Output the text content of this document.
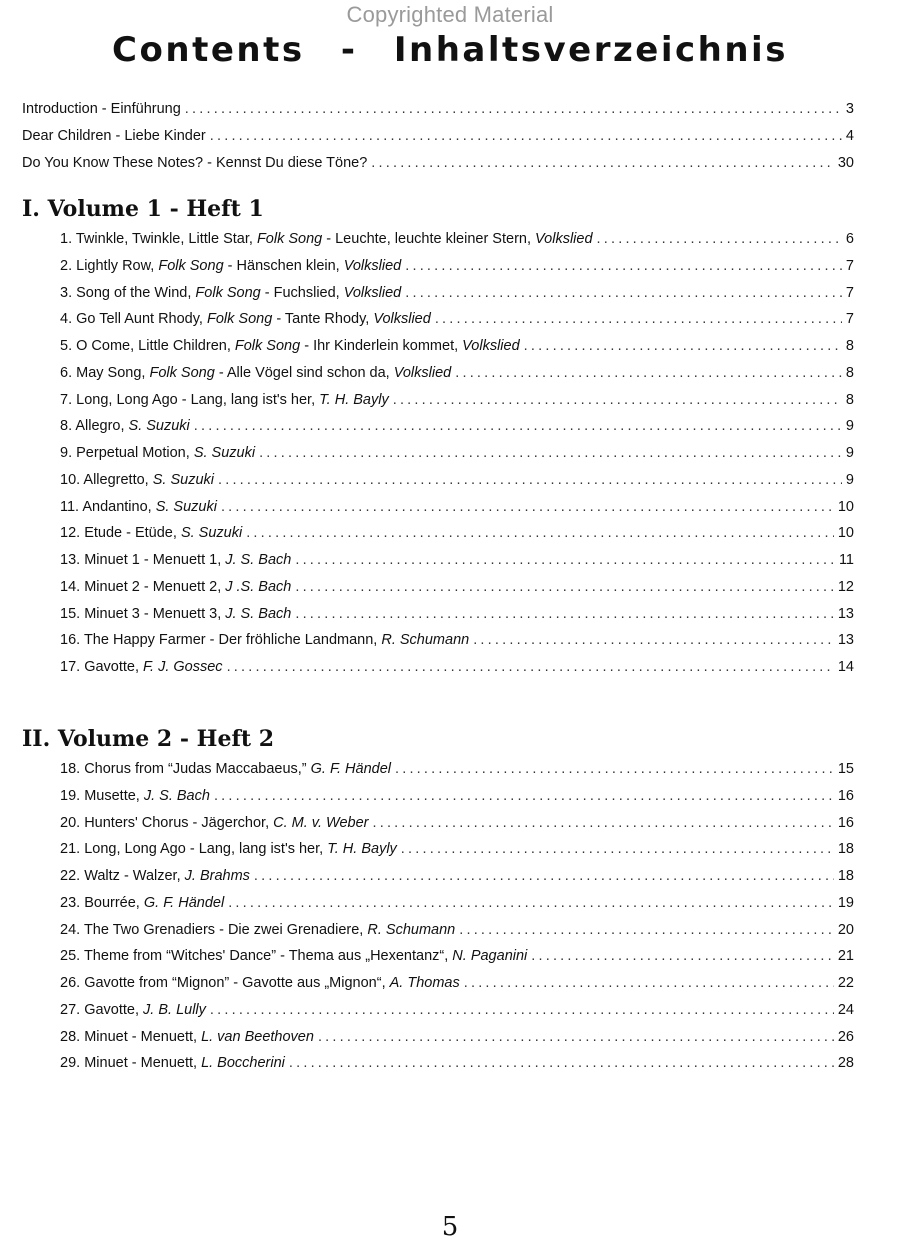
Copyrighted Material
Contents - Inhaltsverzeichnis
Introduction - Einführung .....	3
Dear Children - Liebe Kinder .....	4
Do You Know These Notes? - Kennst Du diese Töne? .....	30
I. Volume 1 - Heft 1
1. Twinkle, Twinkle, Little Star, Folk Song - Leuchte, leuchte kleiner Stern, Volkslied .....	6
2. Lightly Row, Folk Song - Hänschen klein, Volkslied .....	7
3. Song of the Wind, Folk Song - Fuchslied, Volkslied .....	7
4. Go Tell Aunt Rhody, Folk Song - Tante Rhody, Volkslied .....	7
5. O Come, Little Children, Folk Song - Ihr Kinderlein kommet, Volkslied .....	8
6. May Song, Folk Song - Alle Vögel sind schon da, Volkslied .....	8
7. Long, Long Ago - Lang, lang ist's her, T. H. Bayly .....	8
8. Allegro, S. Suzuki .....	9
9. Perpetual Motion, S. Suzuki .....	9
10. Allegretto, S. Suzuki .....	9
11. Andantino, S. Suzuki .....	10
12. Etude - Etüde, S. Suzuki .....	10
13. Minuet 1 - Menuett 1, J. S. Bach .....	11
14. Minuet 2 - Menuett 2, J .S. Bach .....	12
15. Minuet 3 - Menuett 3, J. S. Bach .....	13
16. The Happy Farmer - Der fröhliche Landmann, R. Schumann .....	13
17. Gavotte, F. J. Gossec .....	14
II. Volume 2 - Heft 2
18. Chorus from “Judas Maccabaeus,” G. F. Händel .....	15
19. Musette, J. S. Bach .....	16
20. Hunters' Chorus - Jägerchor, C. M. v. Weber .....	16
21. Long, Long Ago - Lang, lang ist's her, T. H. Bayly .....	18
22. Waltz - Walzer, J. Brahms .....	18
23. Bourrée, G. F. Händel .....	19
24. The Two Grenadiers - Die zwei Grenadiere, R. Schumann .....	20
25. Theme from “Witches' Dance” - Thema aus „Hexentanz“, N. Paganini .....	21
26. Gavotte from “Mignon” - Gavotte aus „Mignon“, A. Thomas .....	22
27. Gavotte, J. B. Lully .....	24
28. Minuet - Menuett, L. van Beethoven .....	26
29. Minuet - Menuett, L. Boccherini .....	28
5
